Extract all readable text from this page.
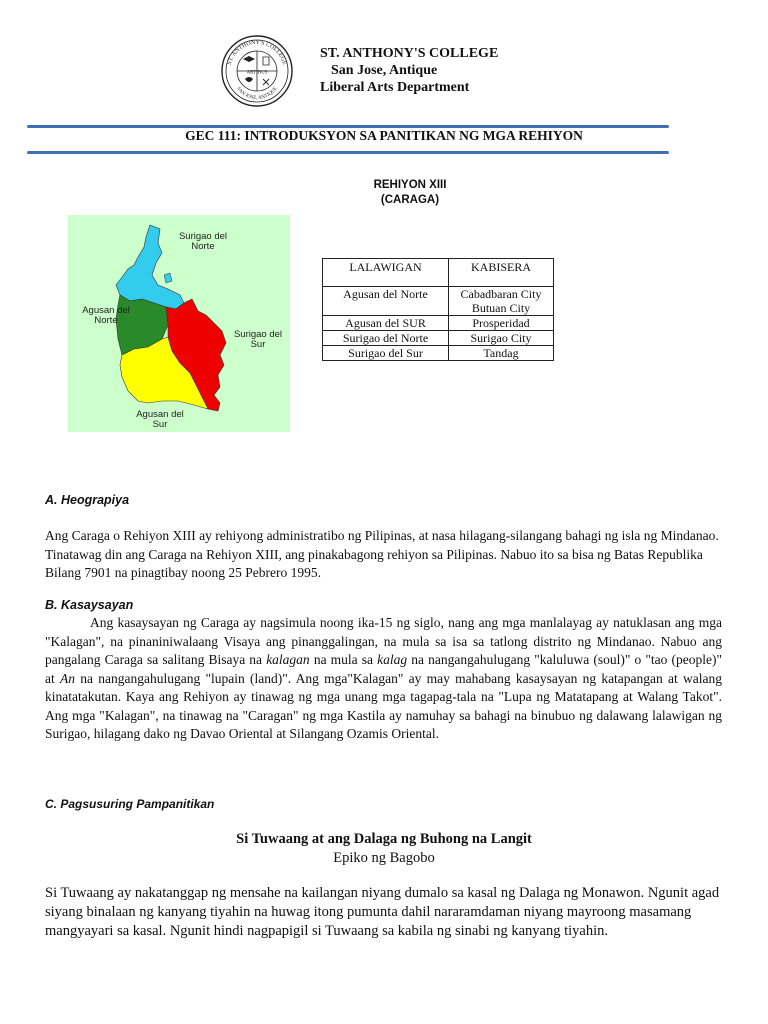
ST. ANTHONY'S COLLEGE
SAN JOSE, ANTIQUE
ARTIBUS
ST. ANTHONY'S COLLEGE
San Jose, Antique
Liberal Arts Department
GEC 111: INTRODUKSYON SA PANITIKAN NG MGA REHIYON
REHIYON XIII
(CARAGA)
Surigao del
Norte
Agusan del
Norte
Surigao del
Sur
Agusan del
Sur
LALAWIGAN	KABISERA
Agusan del Norte	Cabadbaran City
Butuan City

Agusan del SUR	Prosperidad
Surigao del Norte	Surigao City
Surigao del Sur	Tandag
A. Heograpiya
Ang Caraga o Rehiyon XIII ay rehiyong administratibo ng Pilipinas, at nasa hilagang-silangang bahagi ng isla ng Mindanao. Tinatawag din ang Caraga na Rehiyon XIII, ang pinakabagong rehiyon sa Pilipinas. Nabuo ito sa bisa ng Batas Republika Bilang 7901 na pinagtibay noong 25 Pebrero 1995.
B. Kasaysayan
Ang kasaysayan ng Caraga ay nagsimula noong ika-15 ng siglo, nang ang mga manlalayag ay natuklasan ang mga "Kalagan", na pinaniniwalaang Visaya ang pinanggalingan, na mula sa isa sa tatlong distrito ng Mindanao. Nabuo ang pangalang Caraga sa salitang Bisaya na kalagan na mula sa kalag na nangangahulugang "kaluluwa (soul)" o "tao (people)" at An na nangangahulugang "lupain (land)". Ang mga"Kalagan" ay may mahabang kasaysayan ng katapangan at walang kinatatakutan. Kaya ang Rehiyon ay tinawag ng mga unang mga tagapag-tala na "Lupa ng Matatapang at Walang Takot". Ang mga "Kalagan", na tinawag na "Caragan" ng mga Kastila ay namuhay sa bahagi na binubuo ng dalawang lalawigan ng Surigao, hilagang dako ng Davao Oriental at Silangang Ozamis Oriental.
C. Pagsusuring Pampanitikan
Si Tuwaang at ang Dalaga ng Buhong na Langit
Epiko ng Bagobo
Si Tuwaang ay nakatanggap ng mensahe na kailangan niyang dumalo sa kasal ng Dalaga ng Monawon. Ngunit agad siyang binalaan ng kanyang tiyahin na huwag itong pumunta dahil nararamdaman niyang mayroong masamang mangyayari sa kasal. Ngunit hindi nagpapigil si Tuwaang sa kabila ng sinabi ng kanyang tiyahin.
